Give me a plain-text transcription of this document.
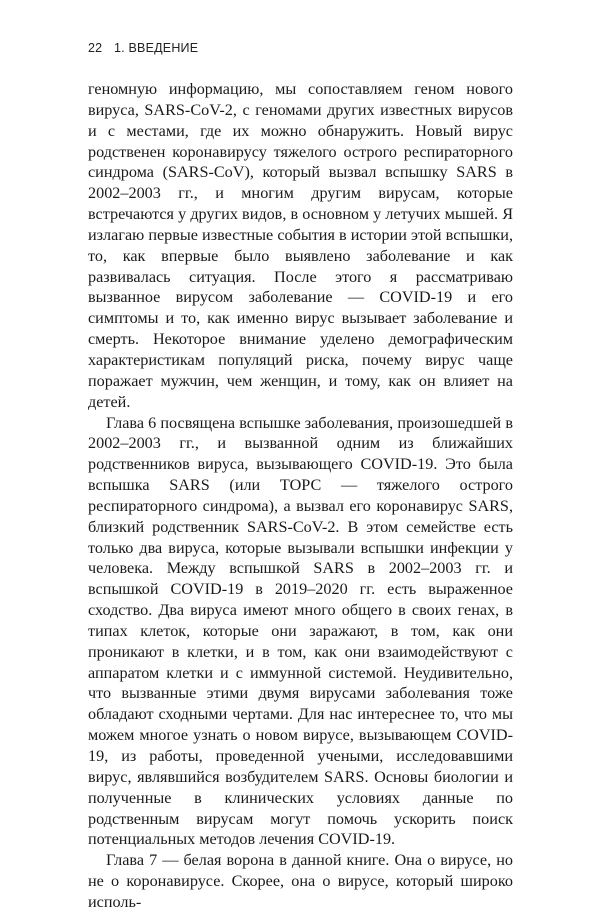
22 1. ВВЕДЕНИЕ

геномную информацию, мы сопоставляем геном нового вируса, SARS-CoV-2, с геномами других известных вирусов и с местами, где их можно обнаружить. Новый вирус родственен коронавирусу тяжелого острого респираторного синдрома (SARS-CoV), который вызвал вспышку SARS в 2002–2003 гг., и многим другим вирусам, которые встречаются у других видов, в основном у летучих мышей. Я излагаю первые известные события в истории этой вспышки, то, как впервые было выявлено заболевание и как развивалась ситуация. После этого я рассматриваю вызванное вирусом заболевание — COVID-19 и его симптомы и то, как именно вирус вызывает заболевание и смерть. Некоторое внимание уделено демографическим характеристикам популяций риска, почему вирус чаще поражает мужчин, чем женщин, и тому, как он влияет на детей.

Глава 6 посвящена вспышке заболевания, произошедшей в 2002–2003 гг., и вызванной одним из ближайших родственников вируса, вызывающего COVID-19. Это была вспышка SARS (или ТОРС — тяжелого острого респираторного синдрома), а вызвал его коронавирус SARS, близкий родственник SARS-CoV-2. В этом семействе есть только два вируса, которые вызывали вспышки инфекции у человека. Между вспышкой SARS в 2002–2003 гг. и вспышкой COVID-19 в 2019–2020 гг. есть выраженное сходство. Два вируса имеют много общего в своих генах, в типах клеток, которые они заражают, в том, как они проникают в клетки, и в том, как они взаимодействуют с аппаратом клетки и с иммунной системой. Неудивительно, что вызванные этими двумя вирусами заболевания тоже обладают сходными чертами. Для нас интереснее то, что мы можем многое узнать о новом вирусе, вызывающем COVID-19, из работы, проведенной учеными, исследовавшими вирус, являвшийся возбудителем SARS. Основы биологии и полученные в клинических условиях данные по родственным вирусам могут помочь ускорить поиск потенциальных методов лечения COVID-19.

Глава 7 — белая ворона в данной книге. Она о вирусе, но не о коронавирусе. Скорее, она о вирусе, который широко исполь-
